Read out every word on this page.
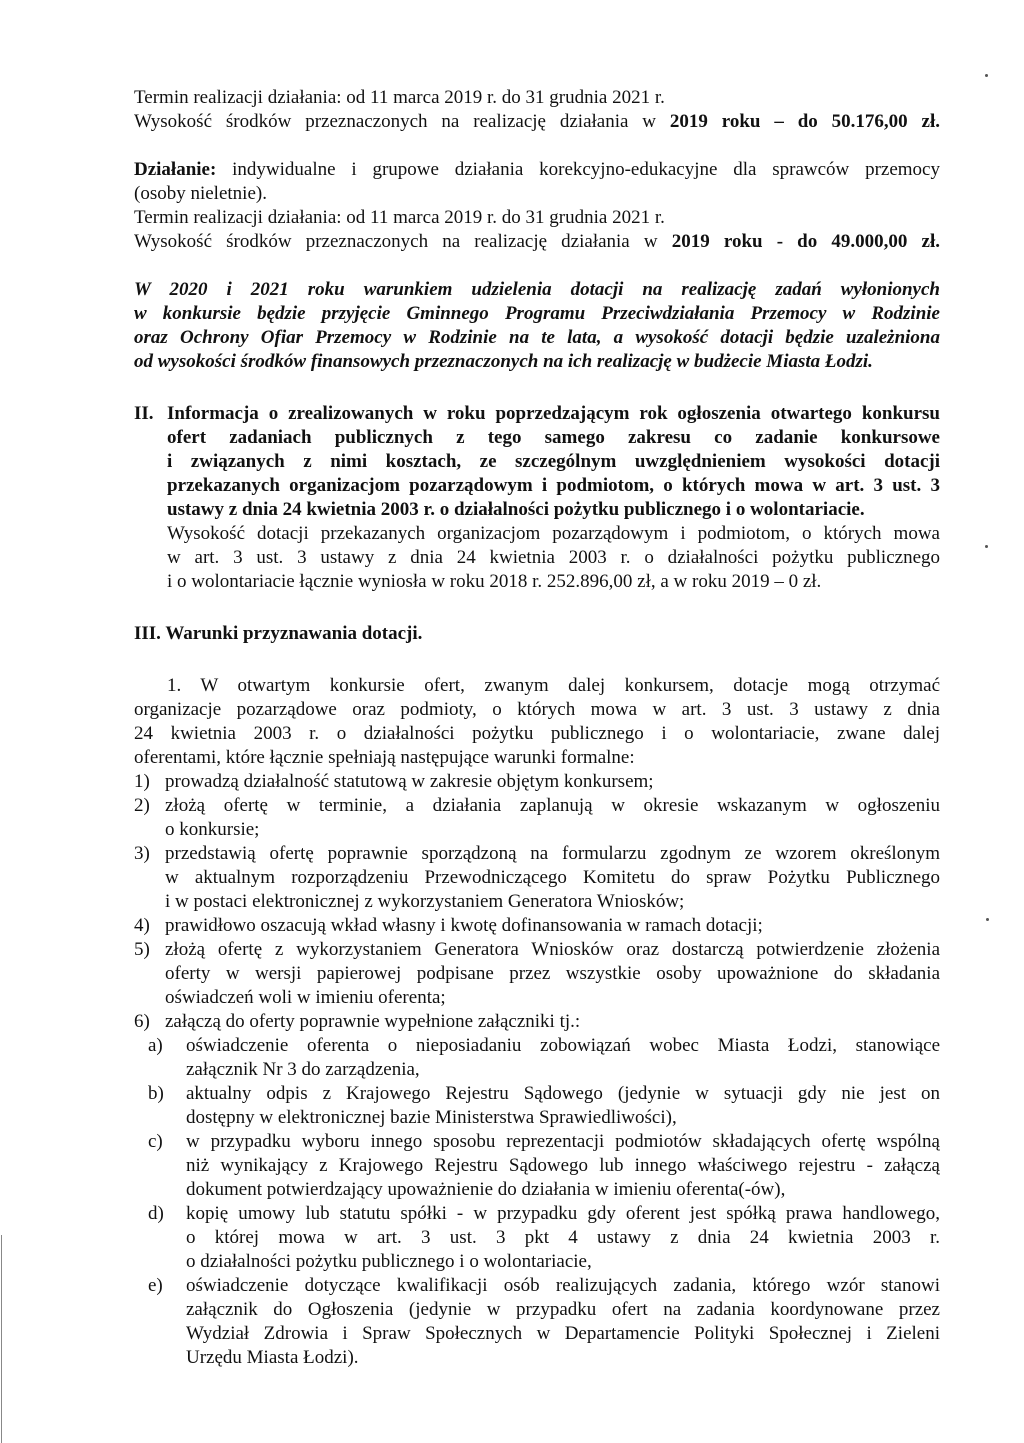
Termin realizacji działania: od 11 marca 2019 r. do 31 grudnia 2021 r.
Wysokość środków przeznaczonych na realizację działania w 2019 roku – do 50.176,00 zł.
Działanie: indywidualne i grupowe działania korekcyjno-edukacyjne dla sprawców przemocy
(osoby nieletnie).
Termin realizacji działania: od 11 marca 2019 r. do 31 grudnia 2021 r.
Wysokość środków przeznaczonych na realizację działania w 2019 roku - do 49.000,00 zł.
W 2020 i 2021 roku warunkiem udzielenia dotacji na realizację zadań wyłonionych
w konkursie będzie przyjęcie Gminnego Programu Przeciwdziałania Przemocy w Rodzinie
oraz Ochrony Ofiar Przemocy w Rodzinie na te lata, a wysokość dotacji będzie uzależniona
od wysokości środków finansowych przeznaczonych na ich realizację w budżecie Miasta Łodzi.
II. Informacja o zrealizowanych w roku poprzedzającym rok ogłoszenia otwartego konkursu
ofert zadaniach publicznych z tego samego zakresu co zadanie konkursowe
i związanych z nimi kosztach, ze szczególnym uwzględnieniem wysokości dotacji
przekazanych organizacjom pozarządowym i podmiotom, o których mowa w art. 3 ust. 3
ustawy z dnia 24 kwietnia 2003 r. o działalności pożytku publicznego i o wolontariacie.
Wysokość dotacji przekazanych organizacjom pozarządowym i podmiotom, o których mowa
w art. 3 ust. 3 ustawy z dnia 24 kwietnia 2003 r. o działalności pożytku publicznego
i o wolontariacie łącznie wyniosła w roku 2018 r. 252.896,00 zł, a w roku 2019 – 0 zł.
III. Warunki przyznawania dotacji.
1. W otwartym konkursie ofert, zwanym dalej konkursem, dotacje mogą otrzymać
organizacje pozarządowe oraz podmioty, o których mowa w art. 3 ust. 3 ustawy z dnia
24 kwietnia 2003 r. o działalności pożytku publicznego i o wolontariacie, zwane dalej
oferentami, które łącznie spełniają następujące warunki formalne:
1) prowadzą działalność statutową w zakresie objętym konkursem;
2) złożą ofertę w terminie, a działania zaplanują w okresie wskazanym w ogłoszeniu
o konkursie;
3) przedstawią ofertę poprawnie sporządzoną na formularzu zgodnym ze wzorem określonym
w aktualnym rozporządzeniu Przewodniczącego Komitetu do spraw Pożytku Publicznego
i w postaci elektronicznej z wykorzystaniem Generatora Wniosków;
4) prawidłowo oszacują wkład własny i kwotę dofinansowania w ramach dotacji;
5) złożą ofertę z wykorzystaniem Generatora Wniosków oraz dostarczą potwierdzenie złożenia
oferty w wersji papierowej podpisane przez wszystkie osoby upoważnione do składania
oświadczeń woli w imieniu oferenta;
6) załączą do oferty poprawnie wypełnione załączniki tj.:
a) oświadczenie oferenta o nieposiadaniu zobowiązań wobec Miasta Łodzi, stanowiące
załącznik Nr 3 do zarządzenia,
b) aktualny odpis z Krajowego Rejestru Sądowego (jedynie w sytuacji gdy nie jest on
dostępny w elektronicznej bazie Ministerstwa Sprawiedliwości),
c) w przypadku wyboru innego sposobu reprezentacji podmiotów składających ofertę wspólną
niż wynikający z Krajowego Rejestru Sądowego lub innego właściwego rejestru - załączą
dokument potwierdzający upoważnienie do działania w imieniu oferenta(-ów),
d) kopię umowy lub statutu spółki - w przypadku gdy oferent jest spółką prawa handlowego,
o której mowa w art. 3 ust. 3 pkt 4 ustawy z dnia 24 kwietnia 2003 r.
o działalności pożytku publicznego i o wolontariacie,
e) oświadczenie dotyczące kwalifikacji osób realizujących zadania, którego wzór stanowi
załącznik do Ogłoszenia (jedynie w przypadku ofert na zadania koordynowane przez
Wydział Zdrowia i Spraw Społecznych w Departamencie Polityki Społecznej i Zieleni
Urzędu Miasta Łodzi).
